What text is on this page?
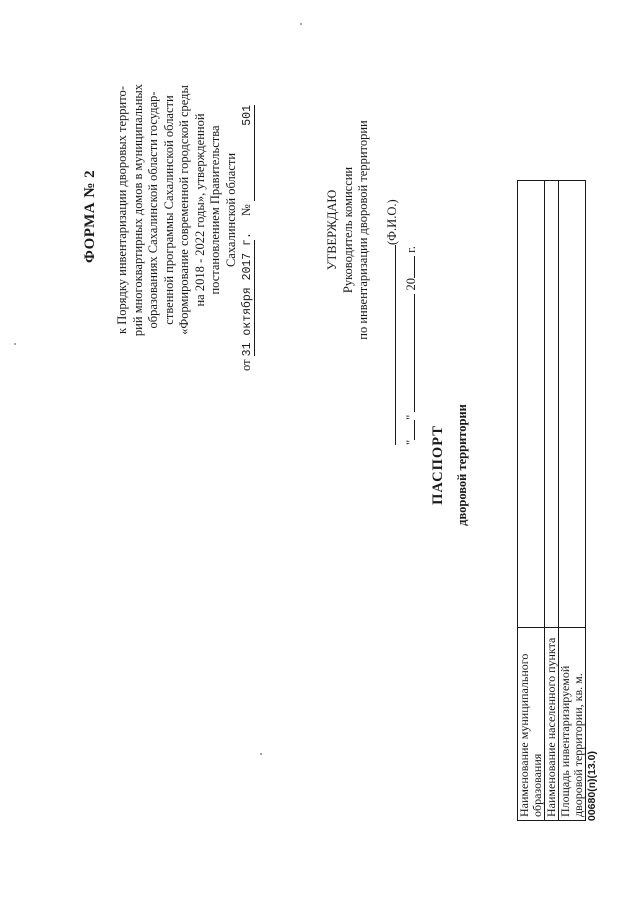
ФОРМА № 2 к Порядку инвентаризации дворовых террито- рий многоквартирных домов в муниципальных образованиях Сахалинской области государ- ственной программы Сахалинской области «Формирование современной городской среды на 2018 - 2022 годы», утвержденной постановлением Правительства Сахалинской области
от 31 октября 2017 г.  № 501
УТВЕРЖДАЮ Руководитель комиссии по инвентаризации дворовой территории (Ф.И.О.)
""  20 г.
ПАСПОРТ дворовой территории
Наименование муниципального образования	
Наименование населенного пункта	
Площадь инвентаризируемой дворовой территории, кв. м.	00680(п)(13.0)
